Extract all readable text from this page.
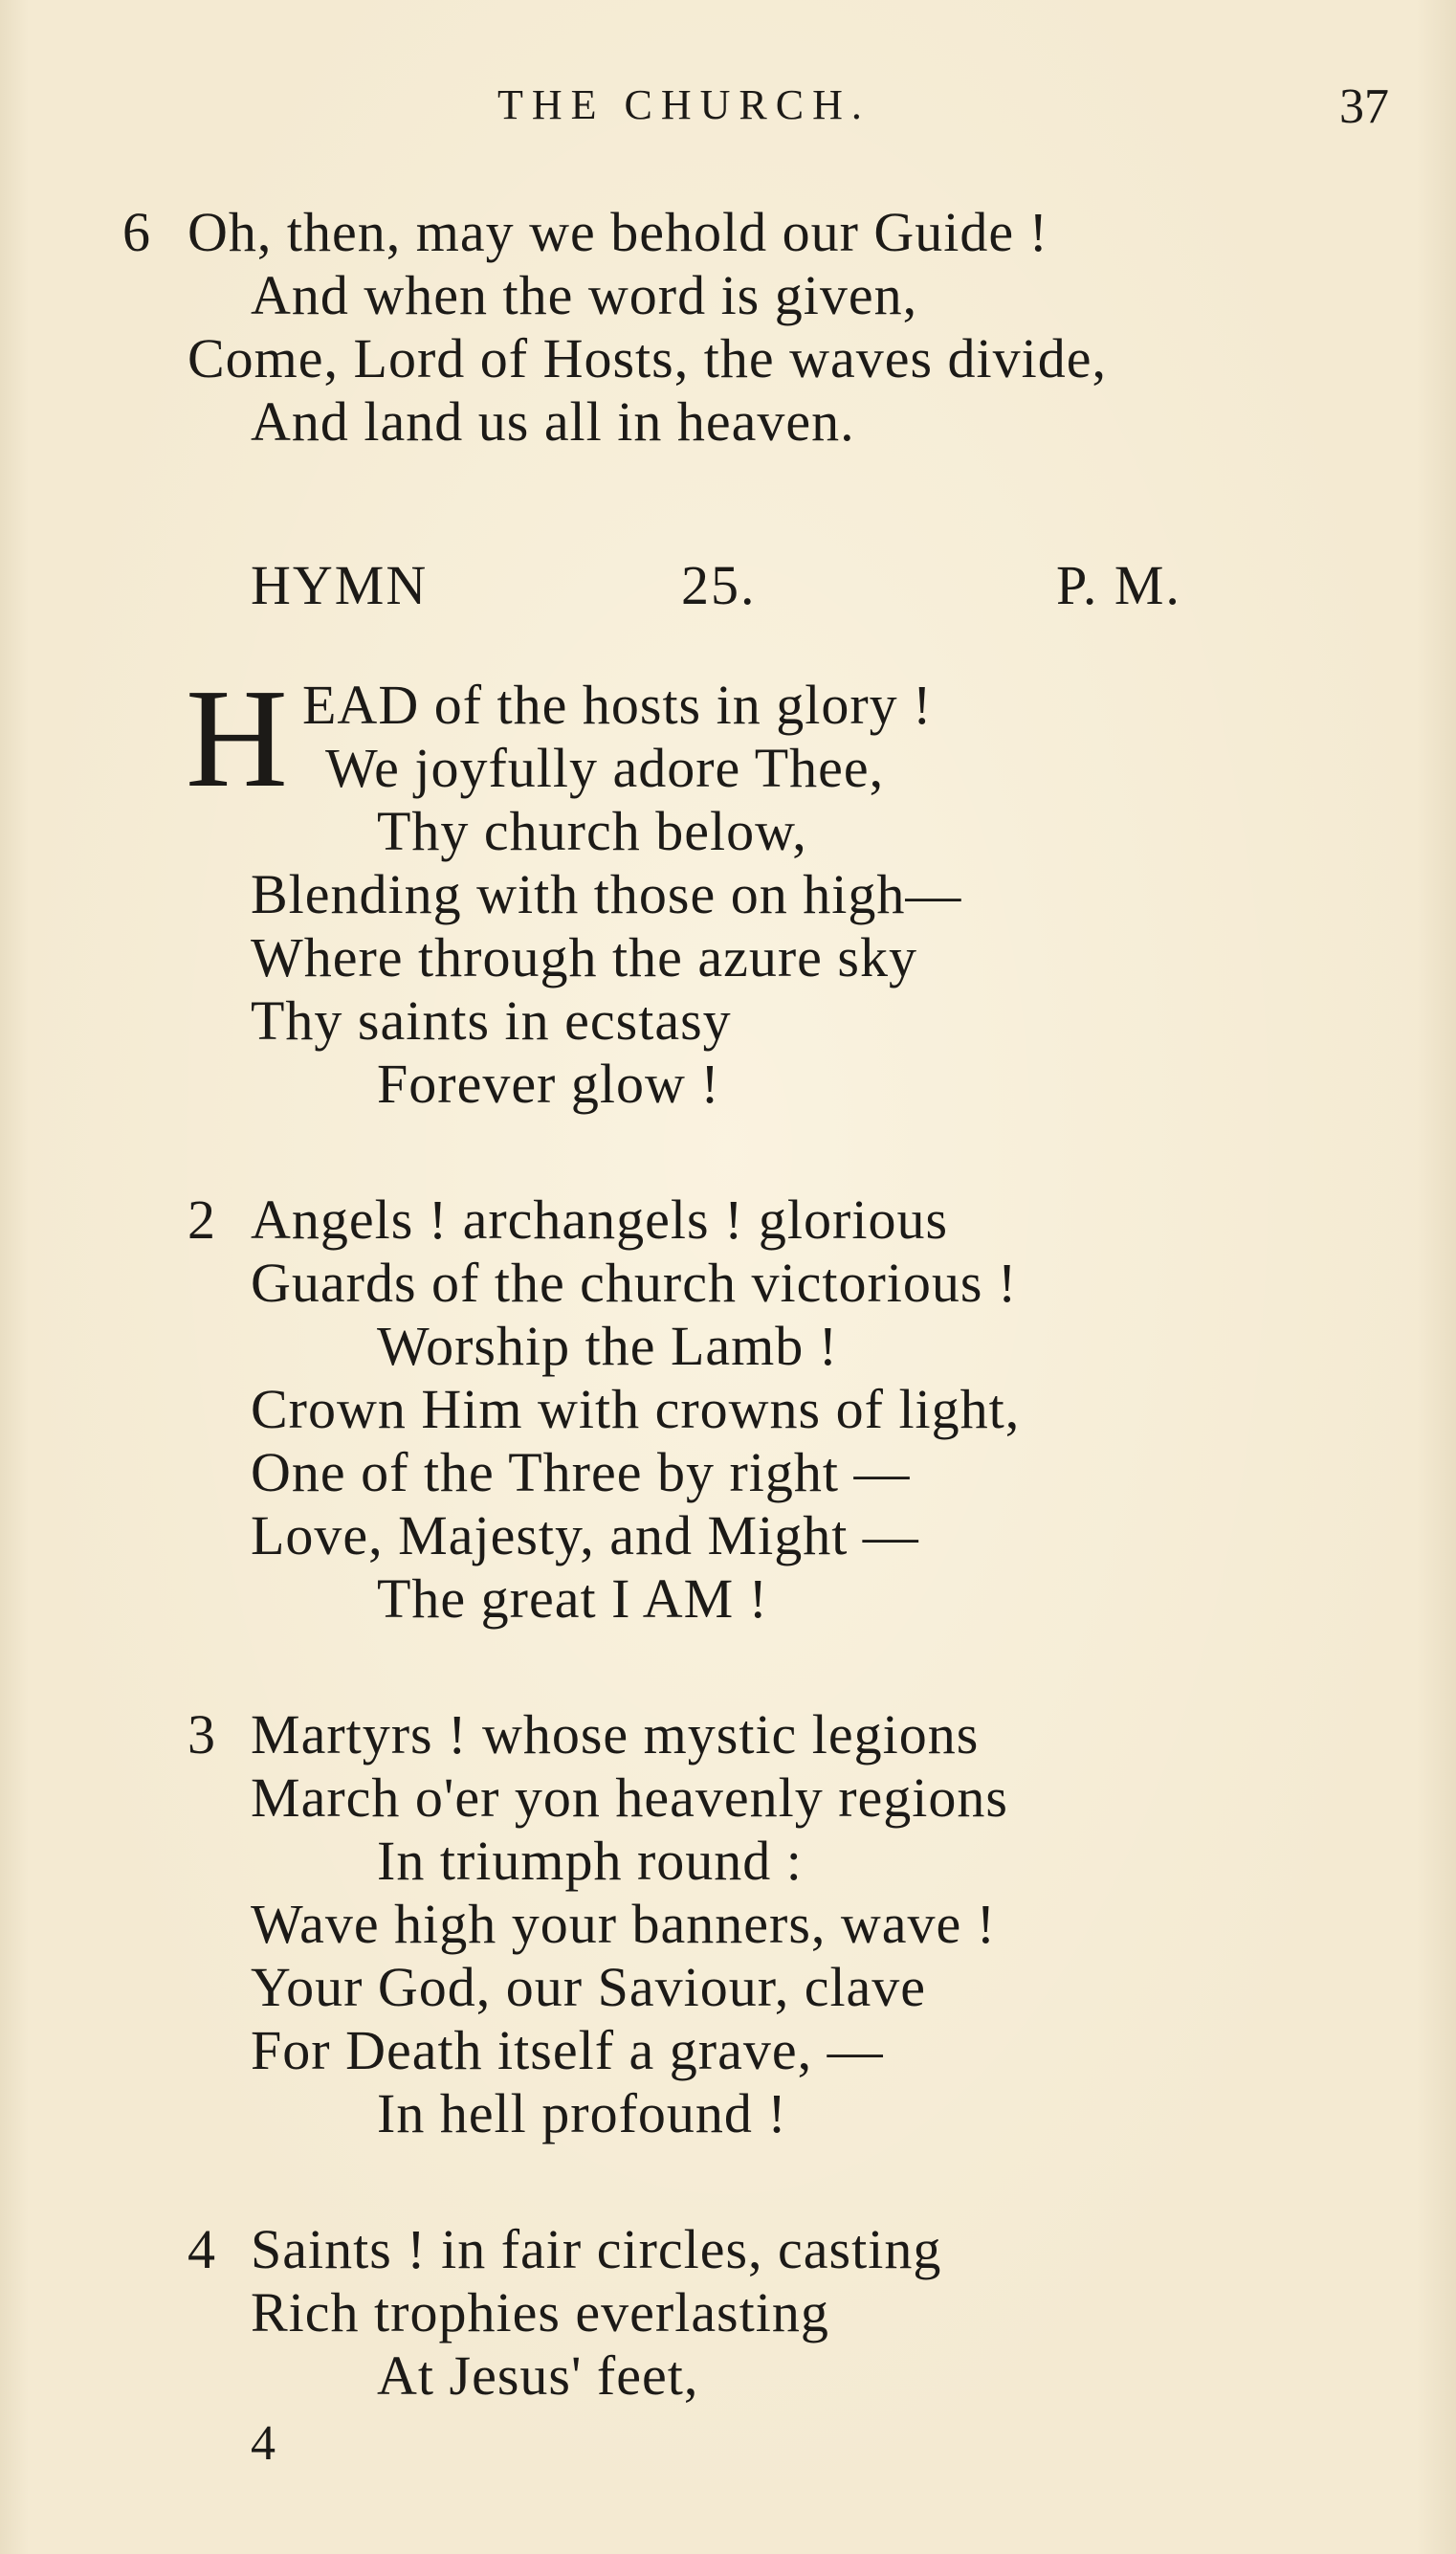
THE CHURCH.	37
6 Oh, then, may we behold our Guide !
And when the word is given,
Come, Lord of Hosts, the waves divide,
And land us all in heaven.
HYMN	25.	P. M.
H EAD of the hosts in glory !
We joyfully adore Thee,
Thy church below,
Blending with those on high—
Where through the azure sky
Thy saints in ecstasy
Forever glow !
2 Angels ! archangels ! glorious
Guards of the church victorious !
Worship the Lamb !
Crown Him with crowns of light,
One of the Three by right —
Love, Majesty, and Might —
The great I AM !
3 Martyrs ! whose mystic legions
March o'er yon heavenly regions
In triumph round :
Wave high your banners, wave !
Your God, our Saviour, clave
For Death itself a grave, —
In hell profound !
4 Saints ! in fair circles, casting
Rich trophies everlasting
At Jesus' feet,
4
